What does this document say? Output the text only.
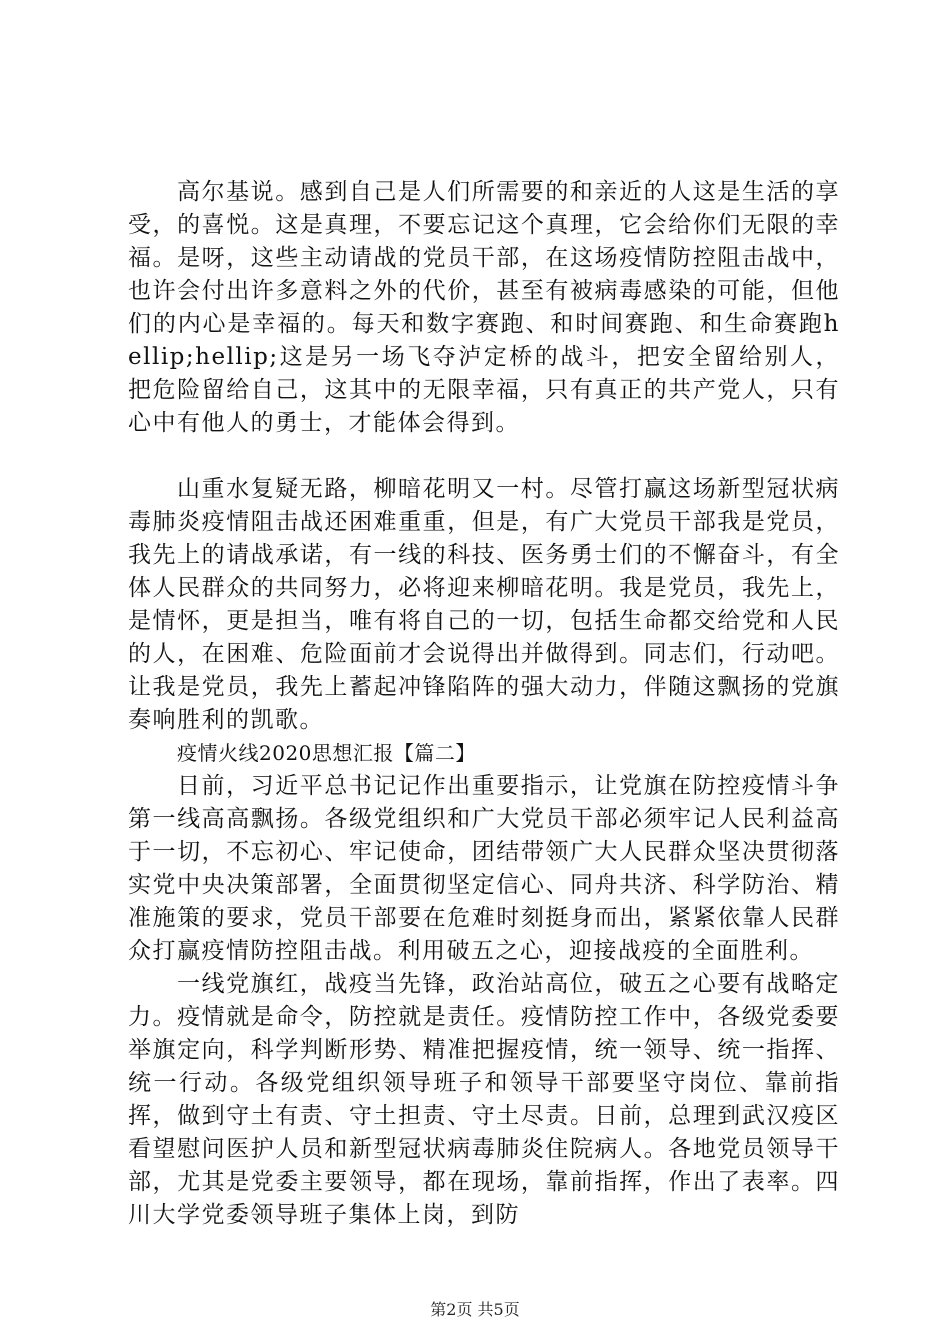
高尔基说。感到自己是人们所需要的和亲近的人这是生活的享受，的喜悦。这是真理，不要忘记这个真理，它会给你们无限的幸福。是呀，这些主动请战的党员干部，在这场疫情防控阻击战中，也许会付出许多意料之外的代价，甚至有被病毒感染的可能，但他们的内心是幸福的。每天和数字赛跑、和时间赛跑、和生命赛跑hellip;hellip;这是另一场飞夺泸定桥的战斗，把安全留给别人，把危险留给自己，这其中的无限幸福，只有真正的共产党人，只有心中有他人的勇士，才能体会得到。

山重水复疑无路，柳暗花明又一村。尽管打赢这场新型冠状病毒肺炎疫情阻击战还困难重重，但是，有广大党员干部我是党员，我先上的请战承诺，有一线的科技、医务勇士们的不懈奋斗，有全体人民群众的共同努力，必将迎来柳暗花明。我是党员，我先上，是情怀，更是担当，唯有将自己的一切，包括生命都交给党和人民的人，在困难、危险面前才会说得出并做得到。同志们，行动吧。让我是党员，我先上蓄起冲锋陷阵的强大动力，伴随这飘扬的党旗奏响胜利的凯歌。

疫情火线2020思想汇报【篇二】

日前，习近平总书记记作出重要指示，让党旗在防控疫情斗争第一线高高飘扬。各级党组织和广大党员干部必须牢记人民利益高于一切，不忘初心、牢记使命，团结带领广大人民群众坚决贯彻落实党中央决策部署，全面贯彻坚定信心、同舟共济、科学防治、精准施策的要求，党员干部要在危难时刻挺身而出，紧紧依靠人民群众打赢疫情防控阻击战。利用破五之心，迎接战疫的全面胜利。

一线党旗红，战疫当先锋，政治站高位，破五之心要有战略定力。疫情就是命令，防控就是责任。疫情防控工作中，各级党委要举旗定向，科学判断形势、精准把握疫情，统一领导、统一指挥、统一行动。各级党组织领导班子和领导干部要坚守岗位、靠前指挥，做到守土有责、守土担责、守土尽责。日前，总理到武汉疫区看望慰问医护人员和新型冠状病毒肺炎住院病人。各地党员领导干部，尤其是党委主要领导，都在现场，靠前指挥，作出了表率。四川大学党委领导班子集体上岗，到防

第2页 共5页
